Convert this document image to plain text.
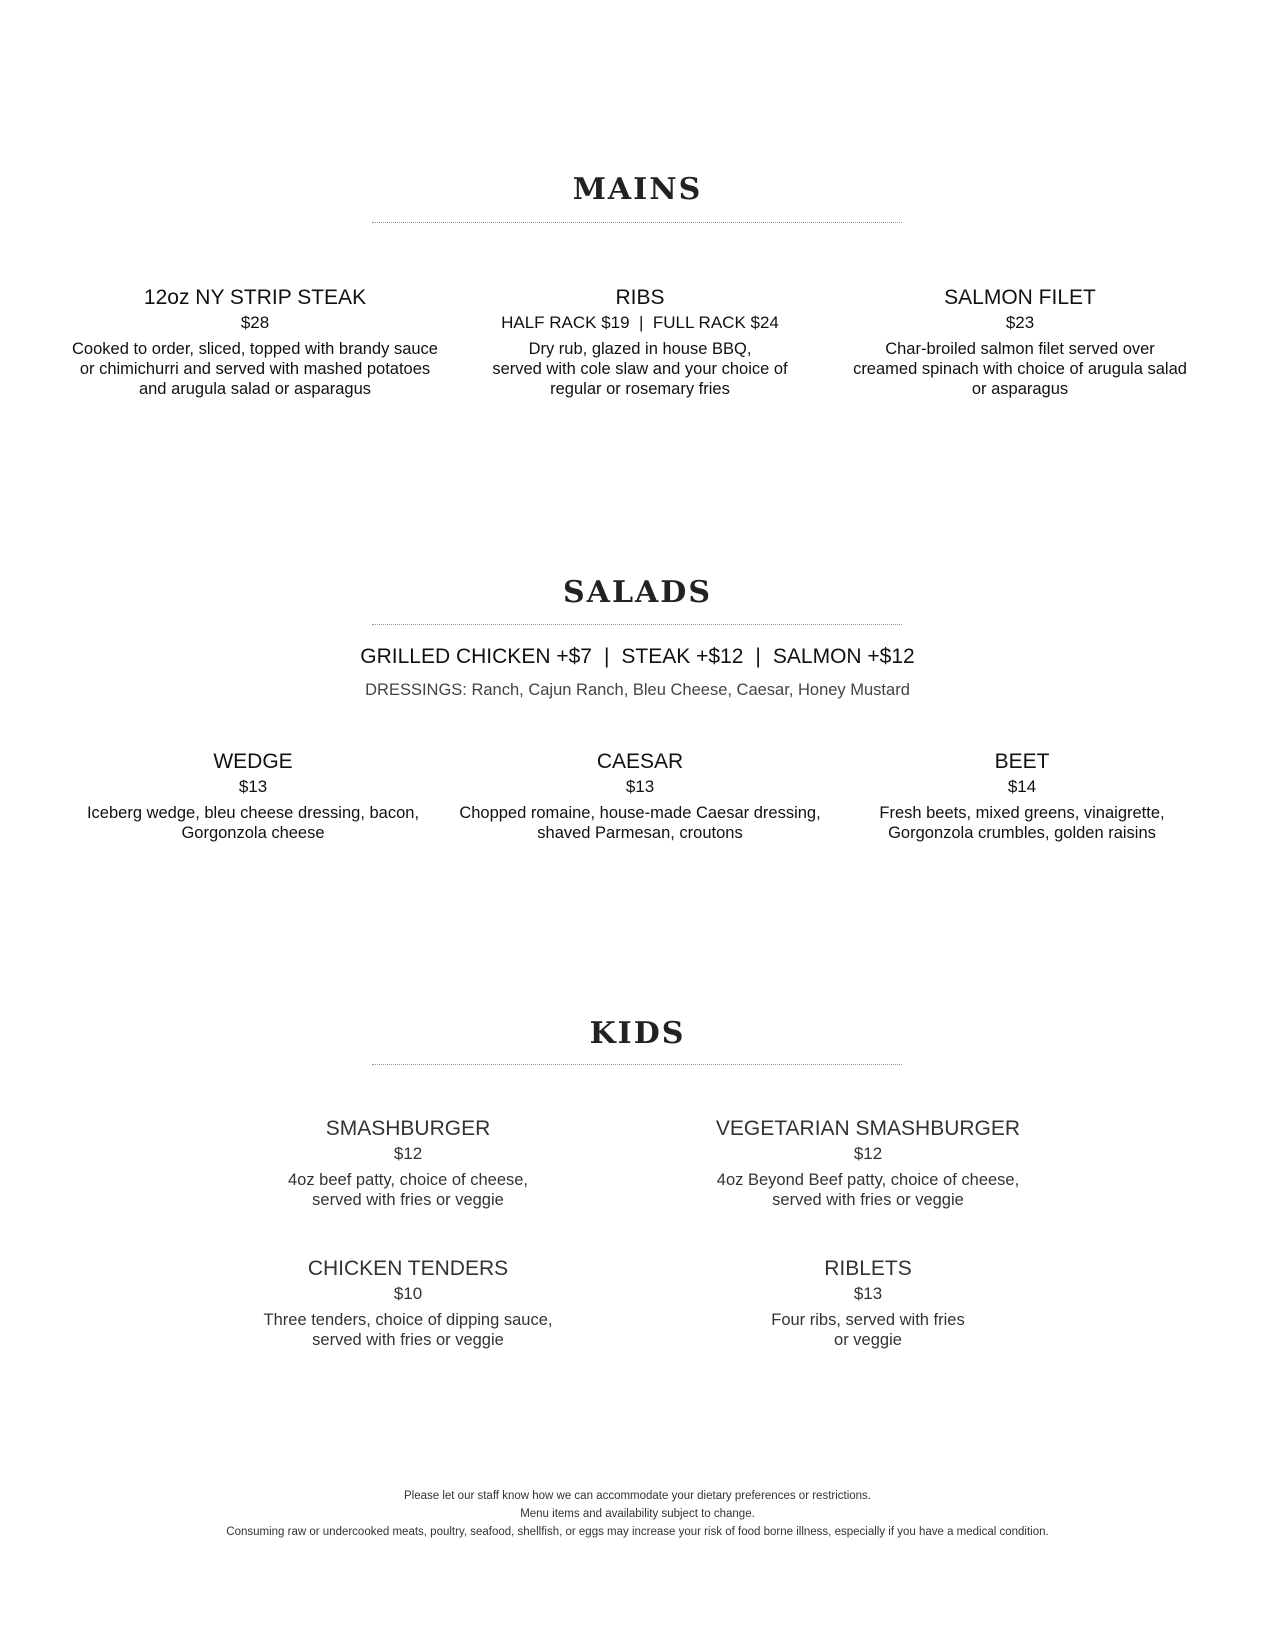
MAINS
12oz NY STRIP STEAK
$28
Cooked to order, sliced, topped with brandy sauce
or chimichurri and served with mashed potatoes
and arugula salad or asparagus
RIBS
HALF RACK $19  |  FULL RACK $24
Dry rub, glazed in house BBQ,
served with cole slaw and your choice of
regular or rosemary fries
SALMON FILET
$23
Char-broiled salmon filet served over
creamed spinach with choice of arugula salad
or asparagus
SALADS
GRILLED CHICKEN +$7 | STEAK +$12 | SALMON +$12
DRESSINGS: Ranch, Cajun Ranch, Bleu Cheese, Caesar, Honey Mustard
WEDGE
$13
Iceberg wedge, bleu cheese dressing, bacon,
Gorgonzola cheese
CAESAR
$13
Chopped romaine, house-made Caesar dressing,
shaved Parmesan, croutons
BEET
$14
Fresh beets, mixed greens, vinaigrette,
Gorgonzola crumbles, golden raisins
KIDS
SMASHBURGER
$12
4oz beef patty, choice of cheese,
served with fries or veggie
VEGETARIAN SMASHBURGER
$12
4oz Beyond Beef patty, choice of cheese,
served with fries or veggie
CHICKEN TENDERS
$10
Three tenders, choice of dipping sauce,
served with fries or veggie
RIBLETS
$13
Four ribs, served with fries
or veggie
Please let our staff know how we can accommodate your dietary preferences or restrictions.
Menu items and availability subject to change.
Consuming raw or undercooked meats, poultry, seafood, shellfish, or eggs may increase your risk of food borne illness, especially if you have a medical condition.
